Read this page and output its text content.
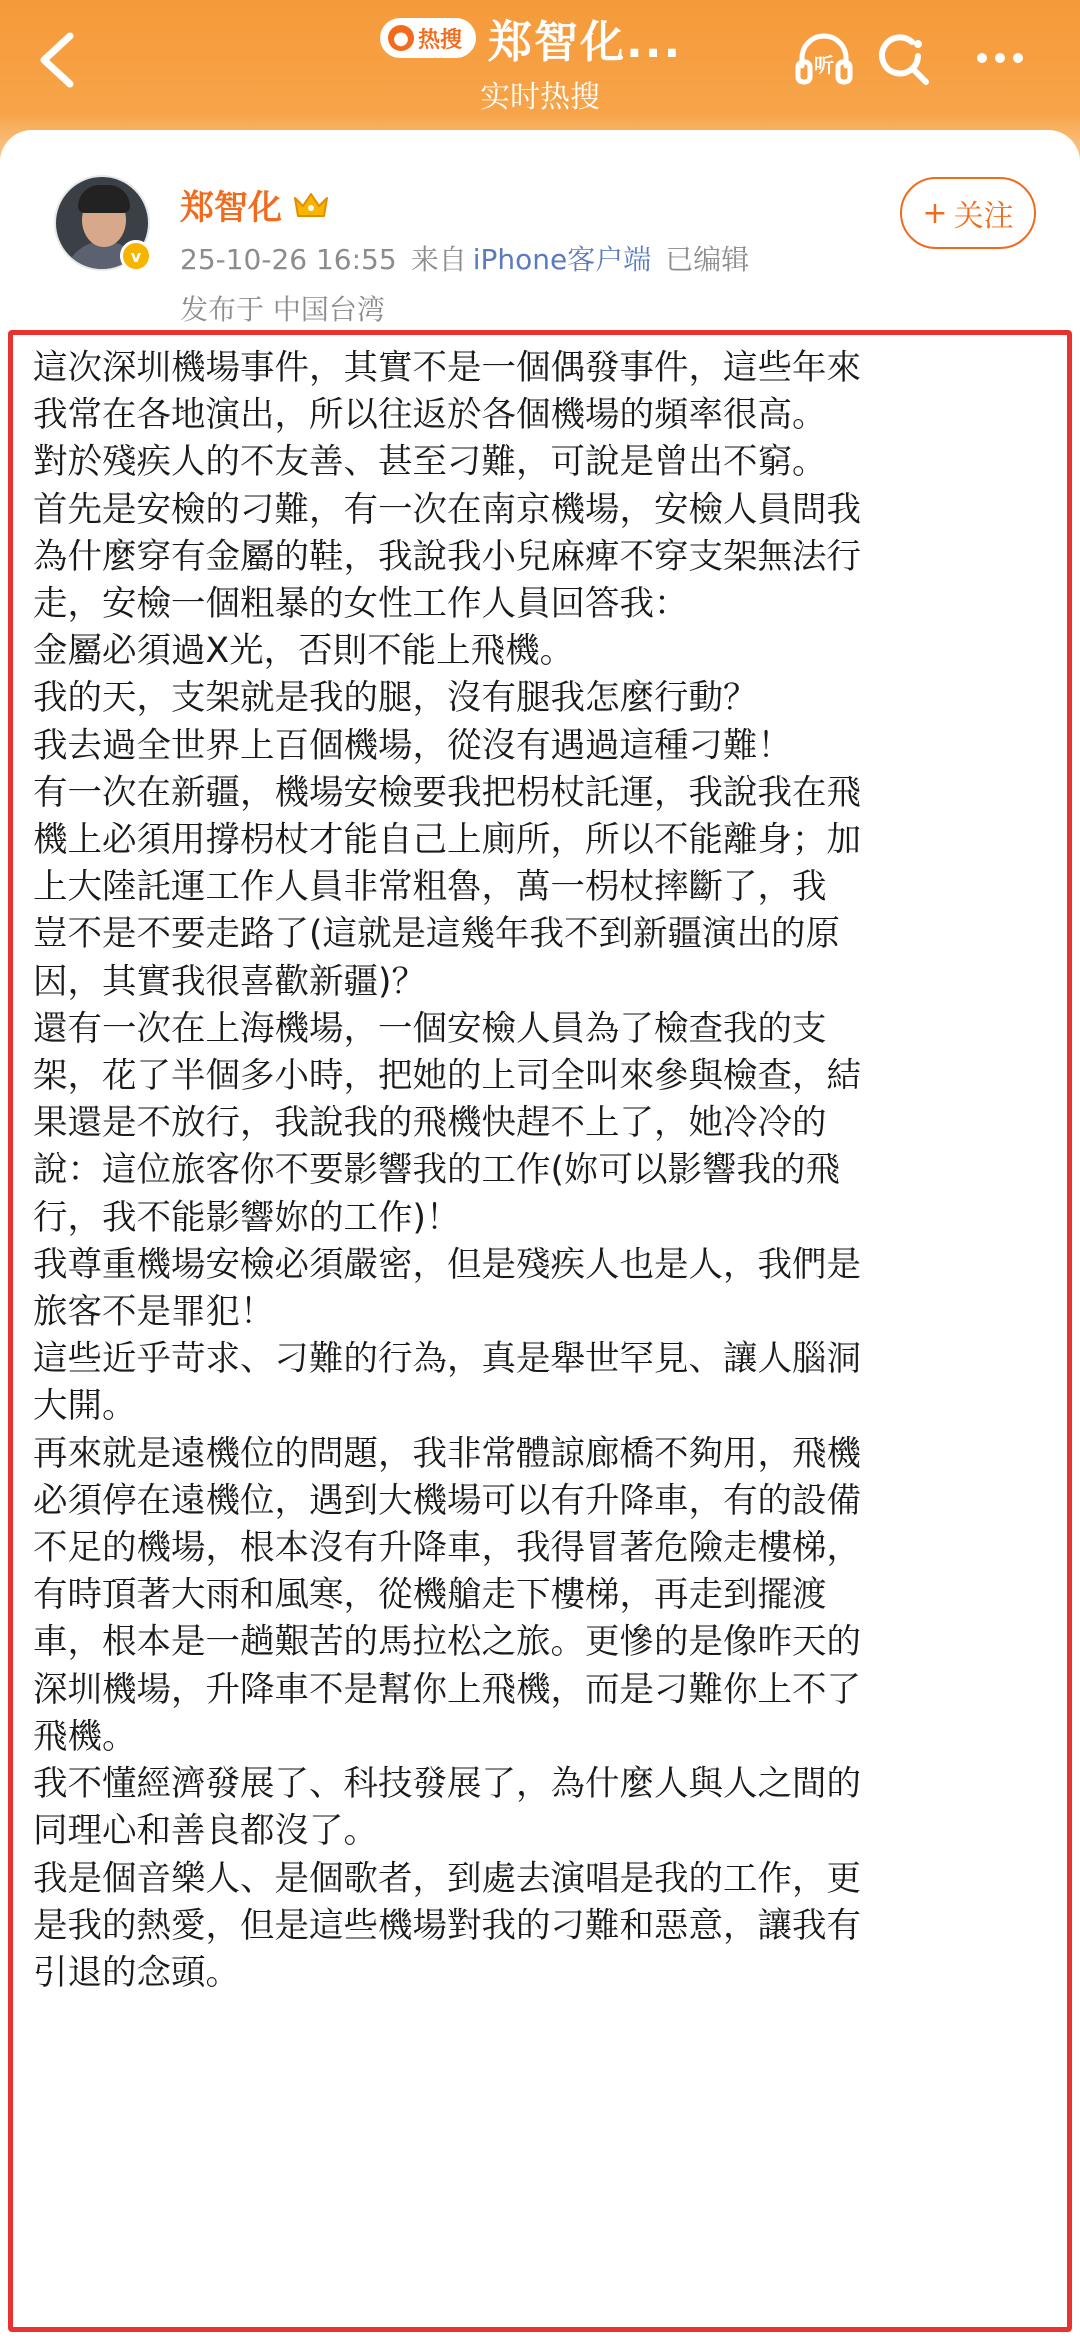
● 热搜 郑智化...
实时热搜
听
v
郑智化
25-10-26 16:55 来自 iPhone客户端 已编辑
发布于 中国台湾
+ 关注
這次深圳機場事件，其實不是一個偶發事件，這些年來
我常在各地演出，所以往返於各個機場的頻率很高。
對於殘疾人的不友善、甚至刁難，可說是曾出不窮。
首先是安檢的刁難，有一次在南京機場，安檢人員問我
為什麼穿有金屬的鞋，我說我小兒麻痺不穿支架無法行
走，安檢一個粗暴的女性工作人員回答我：
金屬必須過X光，否則不能上飛機。
我的天，支架就是我的腿，沒有腿我怎麼行動？
我去過全世界上百個機場，從沒有遇過這種刁難！
有一次在新疆，機場安檢要我把枴杖託運，我說我在飛
機上必須用撐枴杖才能自己上廁所，所以不能離身；加
上大陸託運工作人員非常粗魯，萬一枴杖摔斷了，我
豈不是不要走路了(這就是這幾年我不到新疆演出的原
因，其實我很喜歡新疆)？
還有一次在上海機場，一個安檢人員為了檢查我的支
架，花了半個多小時，把她的上司全叫來參與檢查，結
果還是不放行，我說我的飛機快趕不上了，她冷冷的
說：這位旅客你不要影響我的工作(妳可以影響我的飛
行，我不能影響妳的工作)！
我尊重機場安檢必須嚴密，但是殘疾人也是人，我們是
旅客不是罪犯！
這些近乎苛求、刁難的行為，真是舉世罕見、讓人腦洞
大開。
再來就是遠機位的問題，我非常體諒廊橋不夠用，飛機
必須停在遠機位，遇到大機場可以有升降車，有的設備
不足的機場，根本沒有升降車，我得冒著危險走樓梯，
有時頂著大雨和風寒，從機艙走下樓梯，再走到擺渡
車，根本是一趟艱苦的馬拉松之旅。更慘的是像昨天的
深圳機場，升降車不是幫你上飛機，而是刁難你上不了
飛機。
我不懂經濟發展了、科技發展了，為什麼人與人之間的
同理心和善良都沒了。
我是個音樂人、是個歌者，到處去演唱是我的工作，更
是我的熱愛，但是這些機場對我的刁難和惡意，讓我有
引退的念頭。
